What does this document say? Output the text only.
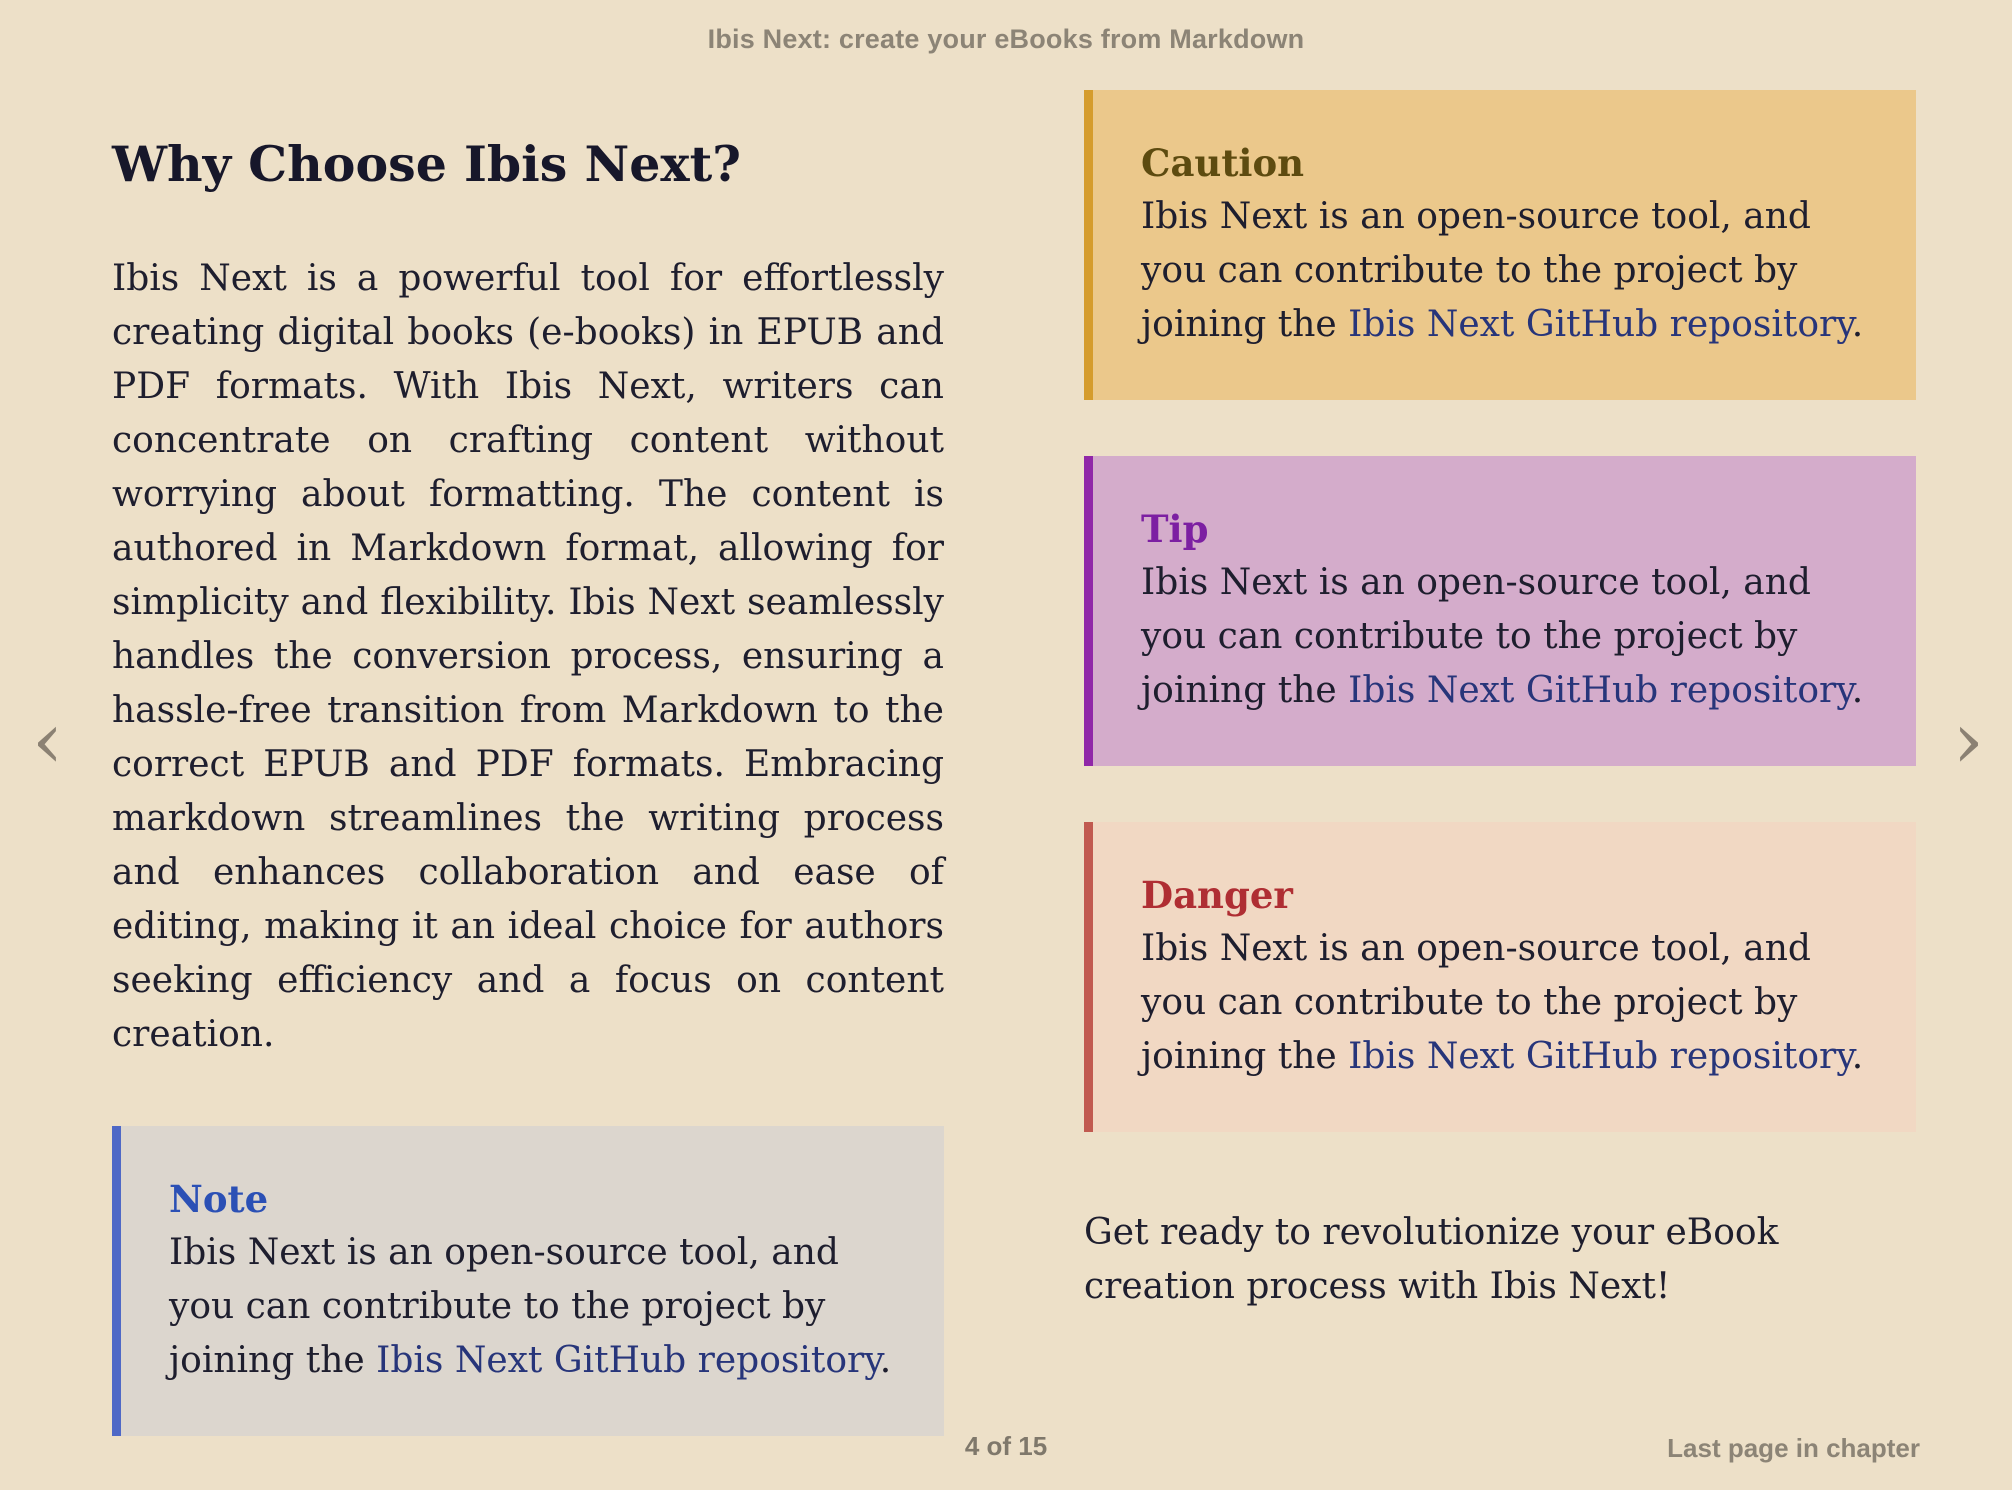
Ibis Next: create your eBooks from Markdown
‹	›
Why Choose Ibis Next?

Ibis Next is a powerful tool for effortlessly creating digital books (e-books) in EPUB and PDF formats. With Ibis Next, writers can concentrate on crafting content without worrying about formatting. The content is authored in Markdown format, allowing for simplicity and flexibility. Ibis Next seamlessly handles the conversion process, ensuring a hassle-free transition from Markdown to the correct EPUB and PDF formats. Embracing markdown streamlines the writing process and enhances collaboration and ease of editing, making it an ideal choice for authors seeking efficiency and a focus on content creation.

Note

Ibis Next is an open-source tool, and you can contribute to the project by joining the Ibis Next GitHub repository.

Caution

Ibis Next is an open-source tool, and you can contribute to the project by joining the Ibis Next GitHub repository.

Tip

Ibis Next is an open-source tool, and you can contribute to the project by joining the Ibis Next GitHub repository.

Danger

Ibis Next is an open-source tool, and you can contribute to the project by joining the Ibis Next GitHub repository.

Get ready to revolutionize your eBook creation process with Ibis Next!

4 of 15	Last page in chapter
